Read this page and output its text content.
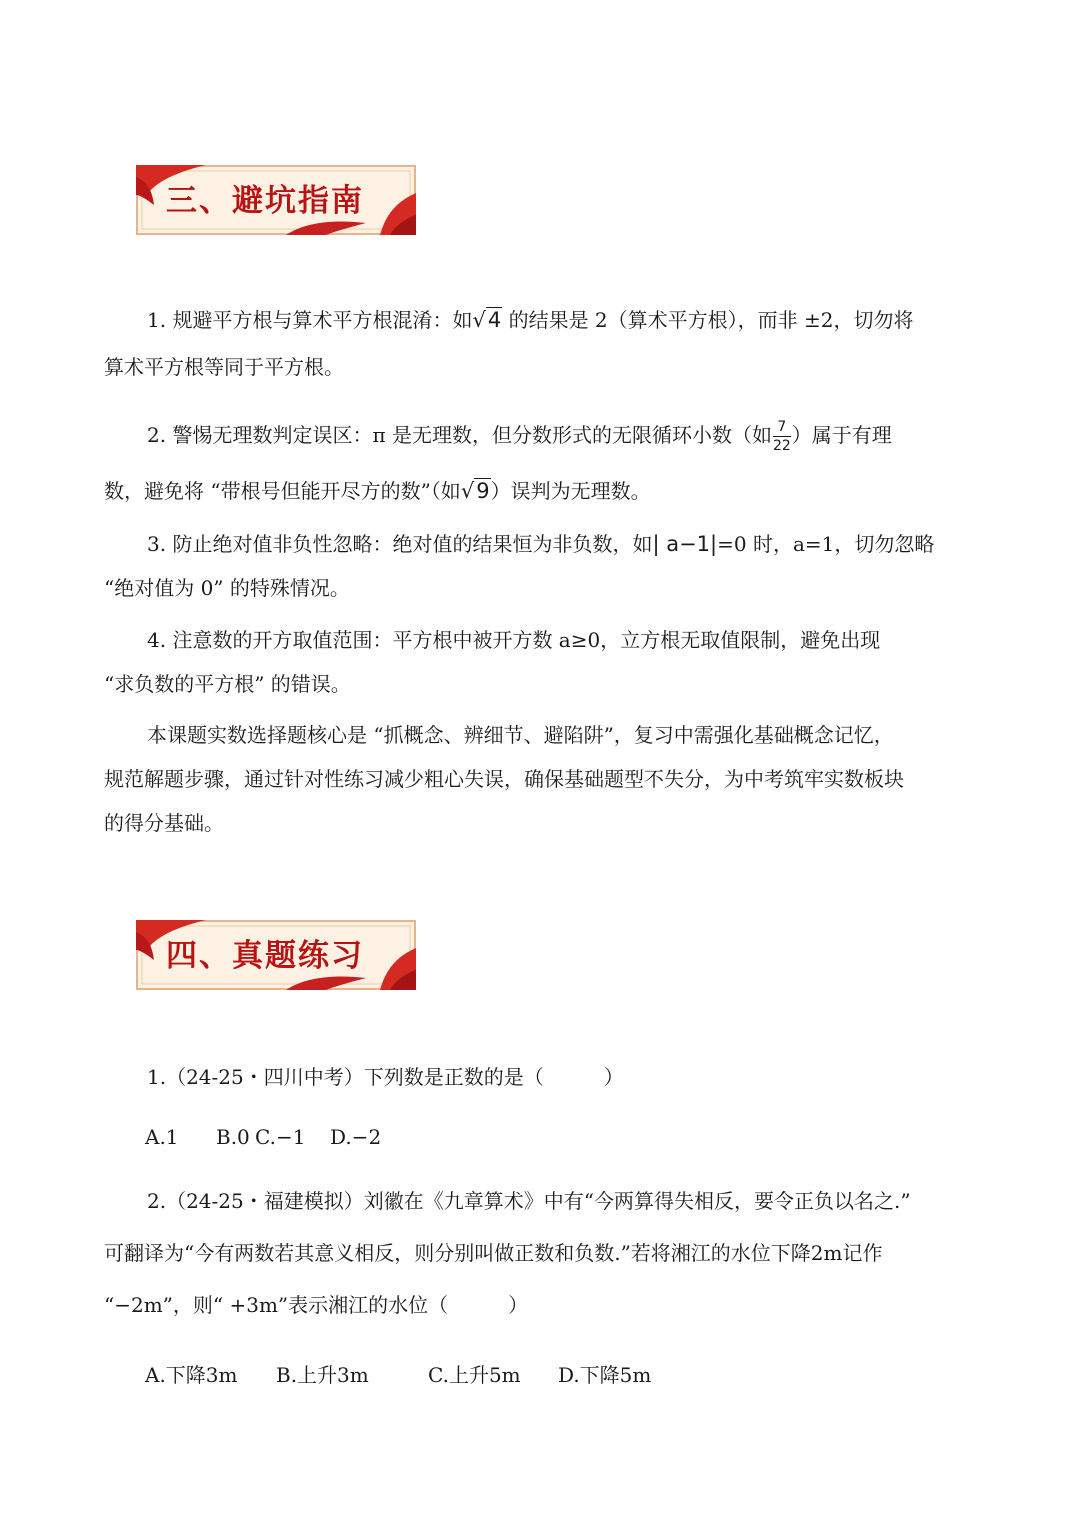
三、避坑指南
1. 规避平方根与算术平方根混淆：如√4 的结果是 2（算术平方根），而非 ±2，切勿将
算术平方根等同于平方根。
2. 警惕无理数判定误区：π 是无理数，但分数形式的无限循环小数（如 $\frac{7}{22}$ ）属于有理
数，避免将 “带根号但能开尽方的数”（如√9）误判为无理数。
3. 防止绝对值非负性忽略：绝对值的结果恒为非负数，如| a−1|=0 时，a=1，切勿忽略
“绝对值为 0” 的特殊情况。
4. 注意数的开方取值范围：平方根中被开方数 a≥0，立方根无取值限制，避免出现
“求负数的平方根” 的错误。
本课题实数选择题核心是 “抓概念、辨细节、避陷阱”，复习中需强化基础概念记忆，
规范解题步骤，通过针对性练习减少粗心失误，确保基础题型不失分，为中考筑牢实数板块
的得分基础。
四、真题练习
1.（24-25・四川中考）下列数是正数的是（　　　）
A.1 B.0 C.−1 D.−2
2.（24-25・福建模拟）刘徽在《九章算术》中有“今两算得失相反，要令正负以名之.”
可翻译为“今有两数若其意义相反，则分别叫做正数和负数.”若将湘江的水位下降2m记作
“−2m”，则“ +3m”表示湘江的水位（　　　）
A.下降3m B.上升3m	C.上升5m D.下降5m
